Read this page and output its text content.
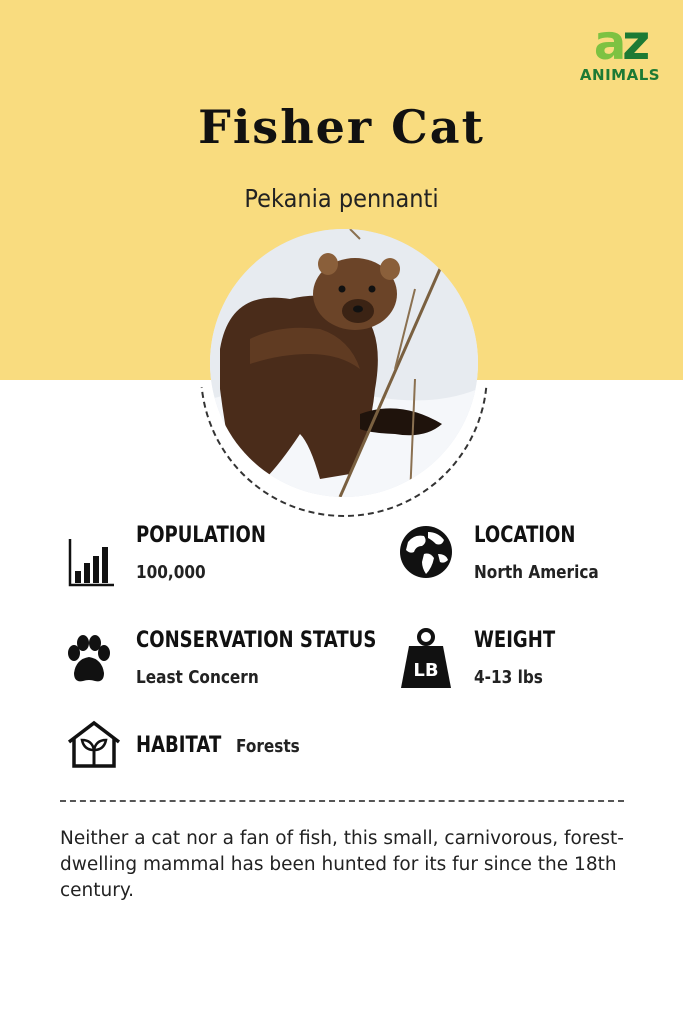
az
ANIMALS
Fisher Cat
Pekania pennanti
POPULATION
100,000
LOCATION
North America
CONSERVATION STATUS
Least Concern	LB
WEIGHT
4-13 lbs
HABITAT Forests

Neither a cat nor a fan of fish, this small, carnivorous, forest-dwelling mammal has been hunted for its fur since the 18th century.
